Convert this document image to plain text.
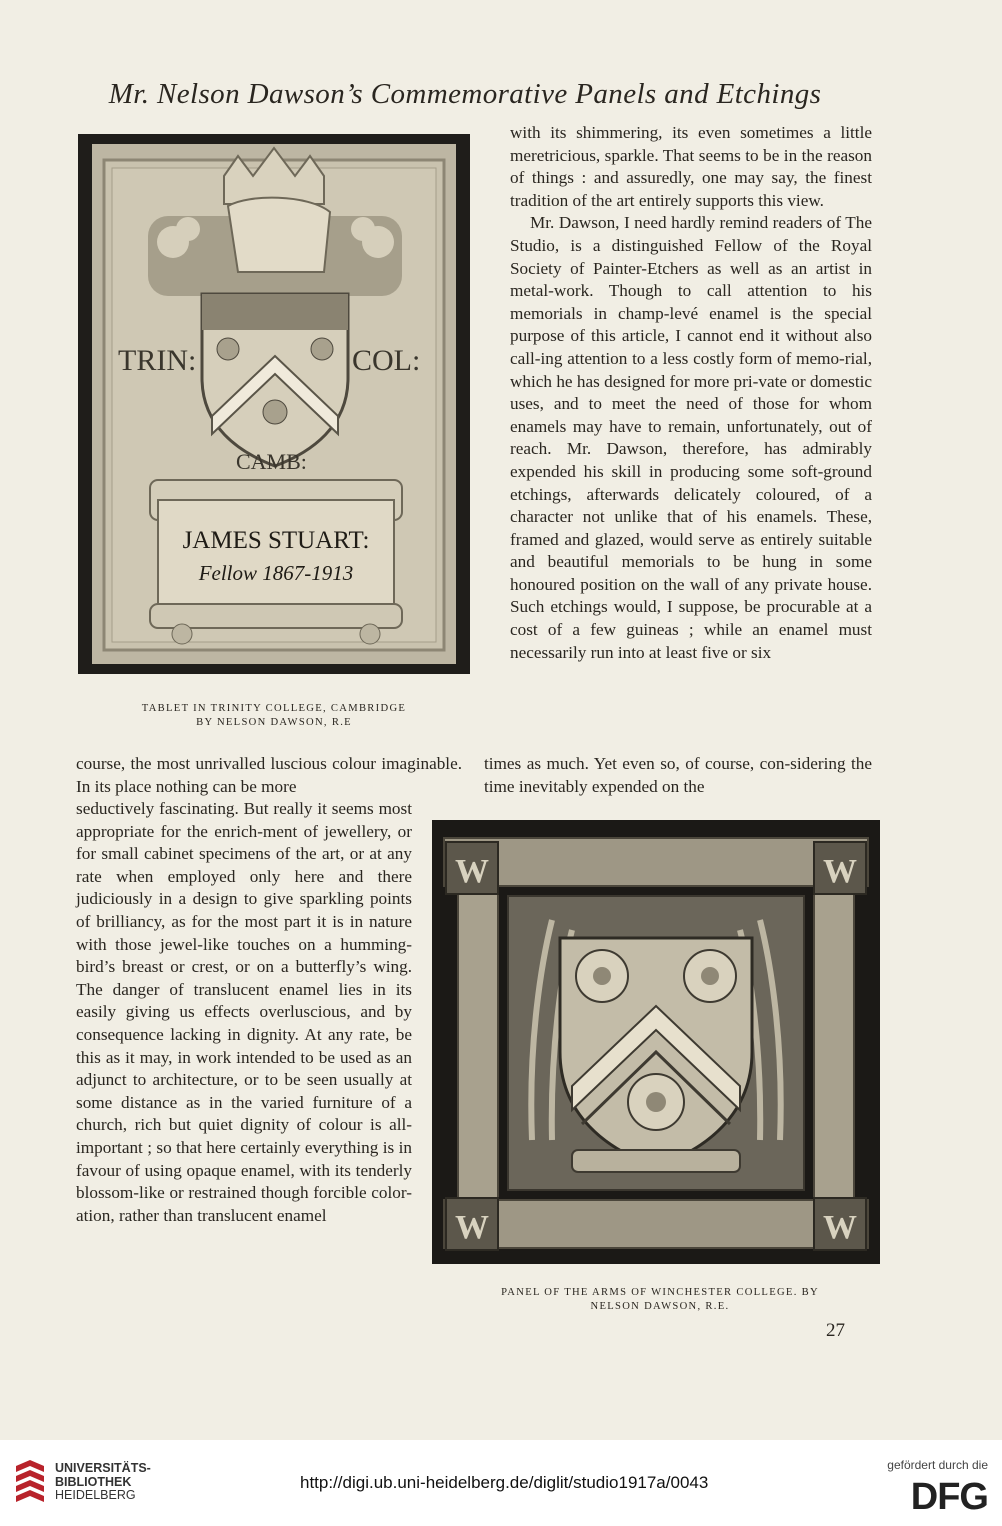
Mr. Nelson Dawson’s Commemorative Panels and Etchings
TRIN:	COL:
CAMB:
JAMES STUART:
Fellow 1867-1913
TABLET IN TRINITY COLLEGE, CAMBRIDGE
BY NELSON DAWSON, R.E

with its shimmering, its even sometimes a little meretricious, sparkle. That seems to be in the reason of things : and assuredly, one may say, the finest tradition of the art entirely supports this view.

Mr. Dawson, I need hardly remind readers of The Studio, is a distinguished Fellow of the Royal Society of Painter-Etchers as well as an artist in metal-work. Though to call attention to his memorials in champ-levé enamel is the special purpose of this article, I cannot end it without also call-ing attention to a less costly form of memo-rial, which he has designed for more pri-vate or domestic uses, and to meet the need of those for whom enamels may have to remain, unfortunately, out of reach. Mr. Dawson, therefore, has admirably expended his skill in producing some soft-ground etchings, afterwards delicately coloured, of a character not unlike that of his enamels. These, framed and glazed, would serve as entirely suitable and beautiful memorials to be hung in some honoured position on the wall of any private house. Such etchings would, I suppose, be procurable at a cost of a few guineas ; while an enamel must necessarily run into at least five or six

course, the most unrivalled luscious colour imaginable. In its place nothing can be more
times as much. Yet even so, of course, con-sidering the time inevitably expended on the
seductively fascinating. But really it seems most appropriate for the enrich-ment of jewellery, or for small cabinet specimens of the art, or at any rate when employed only here and there judiciously in a design to give sparkling points of brilliancy, as for the most part it is in nature with those jewel-like touches on a humming-bird’s breast or crest, or on a butterfly’s wing. The danger of translucent enamel lies in its easily giving us effects overluscious, and by consequence lacking in dignity. At any rate, be this as it may, in work intended to be used as an adjunct to architecture, or to be seen usually at some distance as in the varied furniture of a church, rich but quiet dignity of colour is all-important ; so that here certainly everything is in favour of using opaque enamel, with its tenderly blossom-like or restrained though forcible color-ation, rather than translucent enamel
W	W
W	W
PANEL OF THE ARMS OF WINCHESTER COLLEGE. BY
NELSON DAWSON, R.E.
27
UNIVERSITÄTS-
BIBLIOTHEK
HEIDELBERG
http://digi.ub.uni-heidelberg.de/diglit/studio1917a/0043
gefördert durch die
DFG
